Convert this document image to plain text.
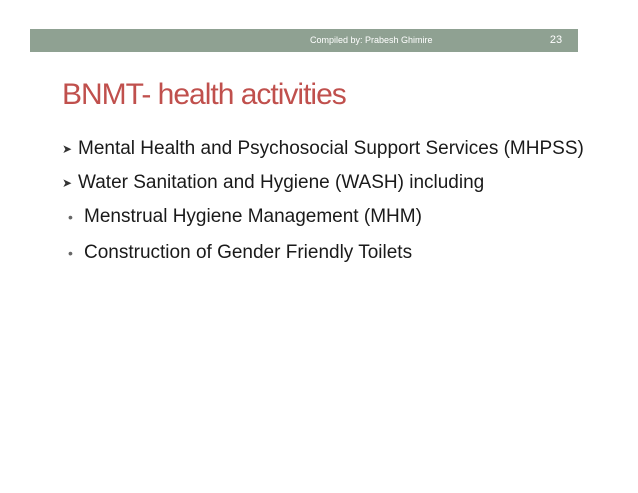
Compiled by: Prabesh Ghimire	23
BNMT- health activities
➤ Mental Health and Psychosocial Support Services (MHPSS)
➤ Water Sanitation and Hygiene (WASH) including
• Menstrual Hygiene Management (MHM)
• Construction of Gender Friendly Toilets
